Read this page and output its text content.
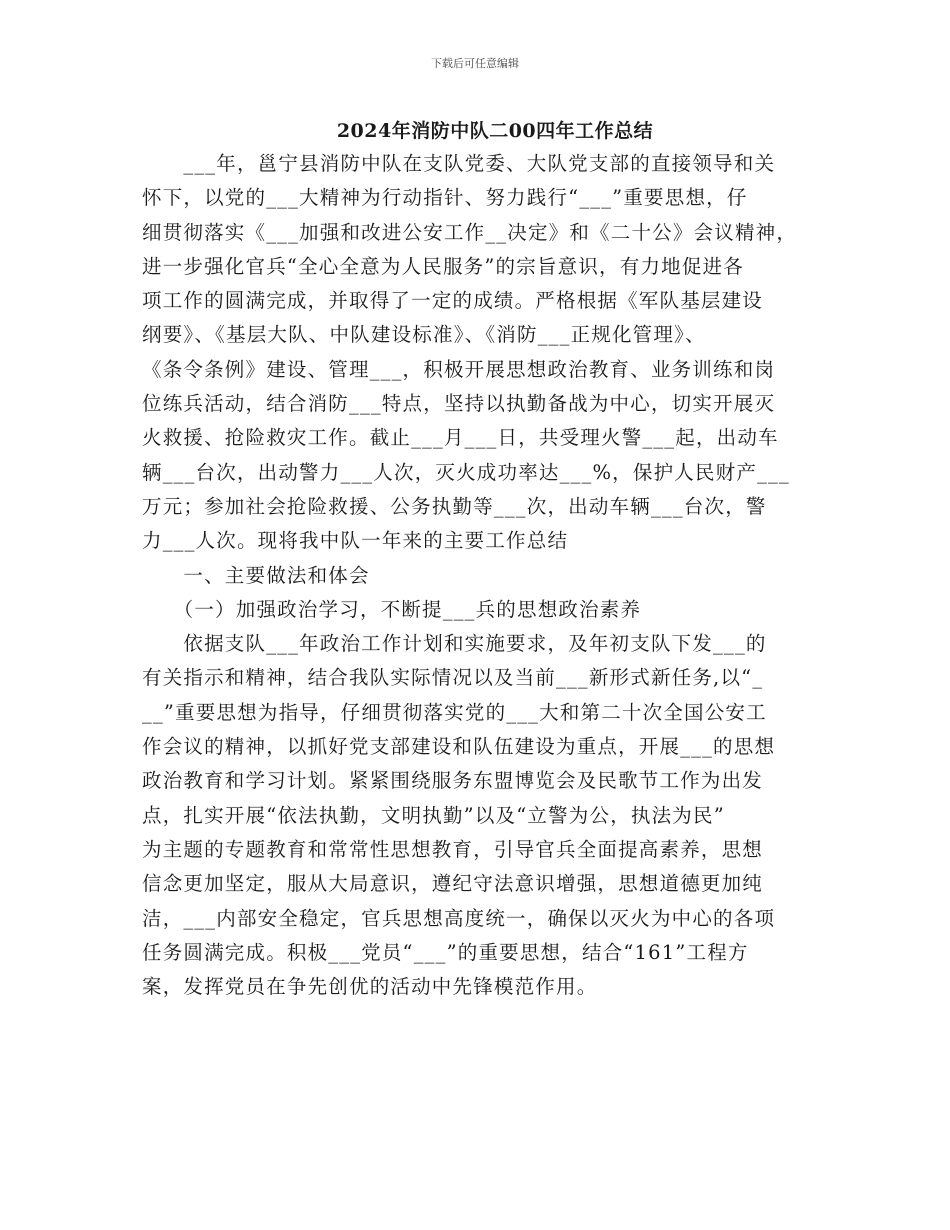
下载后可任意编辑
2024年消防中队二00四年工作总结
　　___年，邕宁县消防中队在支队党委、大队党支部的直接领导和关
怀下，以党的___大精神为行动指针、努力践行“___”重要思想，仔
细贯彻落实《___加强和改进公安工作__决定》和《二十公》会议精神，
进一步强化官兵“全心全意为人民服务”的宗旨意识，有力地促进各
项工作的圆满完成，并取得了一定的成绩。严格根据《军队基层建设
纲要》、《基层大队、中队建设标准》、《消防___正规化管理》、
《条令条例》建设、管理___，积极开展思想政治教育、业务训练和岗
位练兵活动，结合消防___特点，坚持以执勤备战为中心，切实开展灭
火救援、抢险救灾工作。截止___月___日，共受理火警___起，出动车
辆___台次，出动警力___人次，灭火成功率达___%，保护人民财产___
万元；参加社会抢险救援、公务执勤等___次，出动车辆___台次，警
力___人次。现将我中队一年来的主要工作总结
　　一、主要做法和体会
　　（一）加强政治学习，不断提___兵的思想政治素养
　　依据支队___年政治工作计划和实施要求，及年初支队下发___的
有关指示和精神，结合我队实际情况以及当前___新形式新任务,以“_
__”重要思想为指导，仔细贯彻落实党的___大和第二十次全国公安工
作会议的精神，以抓好党支部建设和队伍建设为重点，开展___的思想
政治教育和学习计划。紧紧围绕服务东盟博览会及民歌节工作为出发
点，扎实开展“依法执勤，文明执勤”以及“立警为公，执法为民”
为主题的专题教育和常常性思想教育，引导官兵全面提高素养，思想
信念更加坚定，服从大局意识，遵纪守法意识增强，思想道德更加纯
洁，___内部安全稳定，官兵思想高度统一，确保以灭火为中心的各项
任务圆满完成。积极___党员“___”的重要思想，结合“161”工程方
案，发挥党员在争先创优的活动中先锋模范作用。
